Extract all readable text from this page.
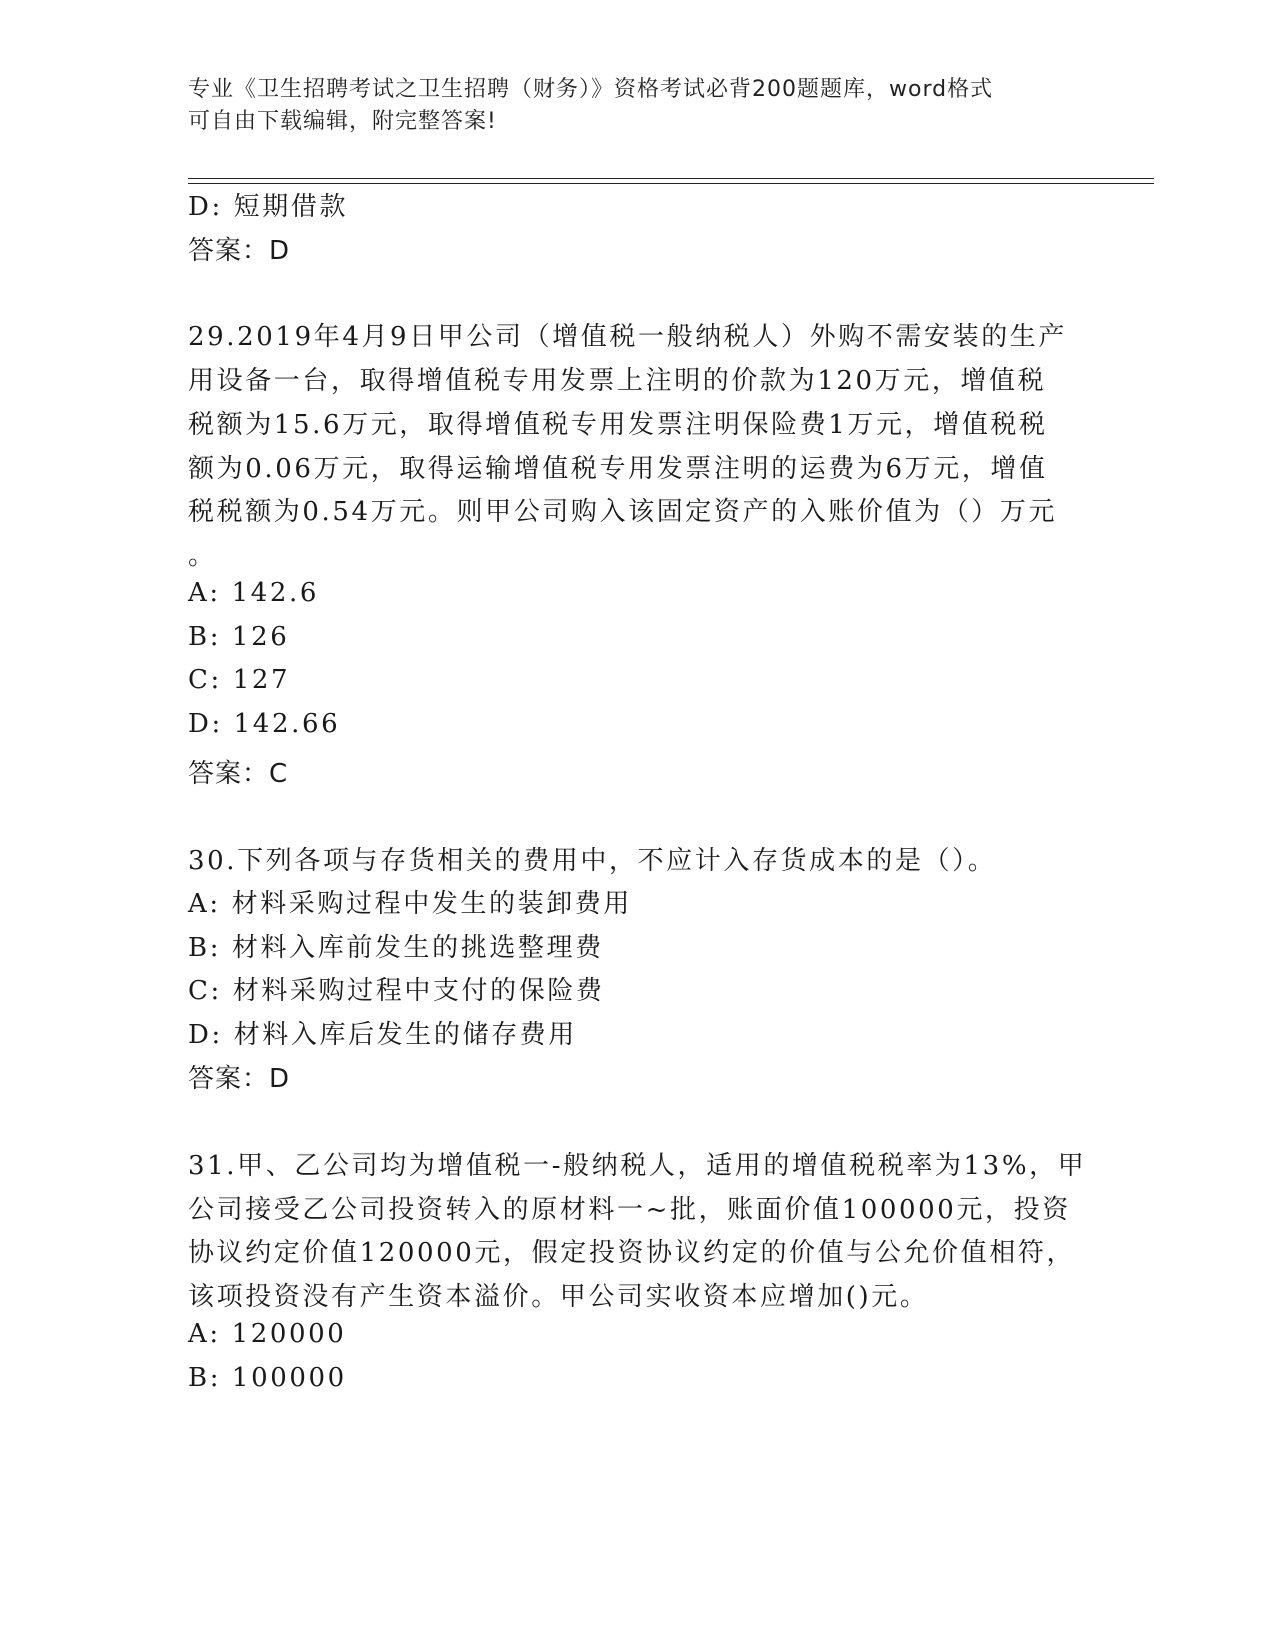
专业《卫生招聘考试之卫生招聘（财务）》资格考试必背200题题库，word格式
可自由下载编辑，附完整答案!
D: 短期借款
答案：D
29.2019年4月9日甲公司（增值税一般纳税人）外购不需安装的生产
用设备一台，取得增值税专用发票上注明的价款为120万元，增值税
税额为15.6万元，取得增值税专用发票注明保险费1万元，增值税税
额为0.06万元，取得运输增值税专用发票注明的运费为6万元，增值
税税额为0.54万元。则甲公司购入该固定资产的入账价值为（）万元
。
A: 142.6
B: 126
C: 127
D: 142.66
答案：C
30.下列各项与存货相关的费用中，不应计入存货成本的是（）。
A: 材料采购过程中发生的装卸费用
B: 材料入库前发生的挑选整理费
C: 材料采购过程中支付的保险费
D: 材料入库后发生的储存费用
答案：D
31.甲、乙公司均为增值税一-般纳税人，适用的增值税税率为13%，甲
公司接受乙公司投资转入的原材料一~批，账面价值100000元，投资
协议约定价值120000元，假定投资协议约定的价值与公允价值相符，
该项投资没有产生资本溢价。甲公司实收资本应增加()元。
A: 120000
B: 100000
